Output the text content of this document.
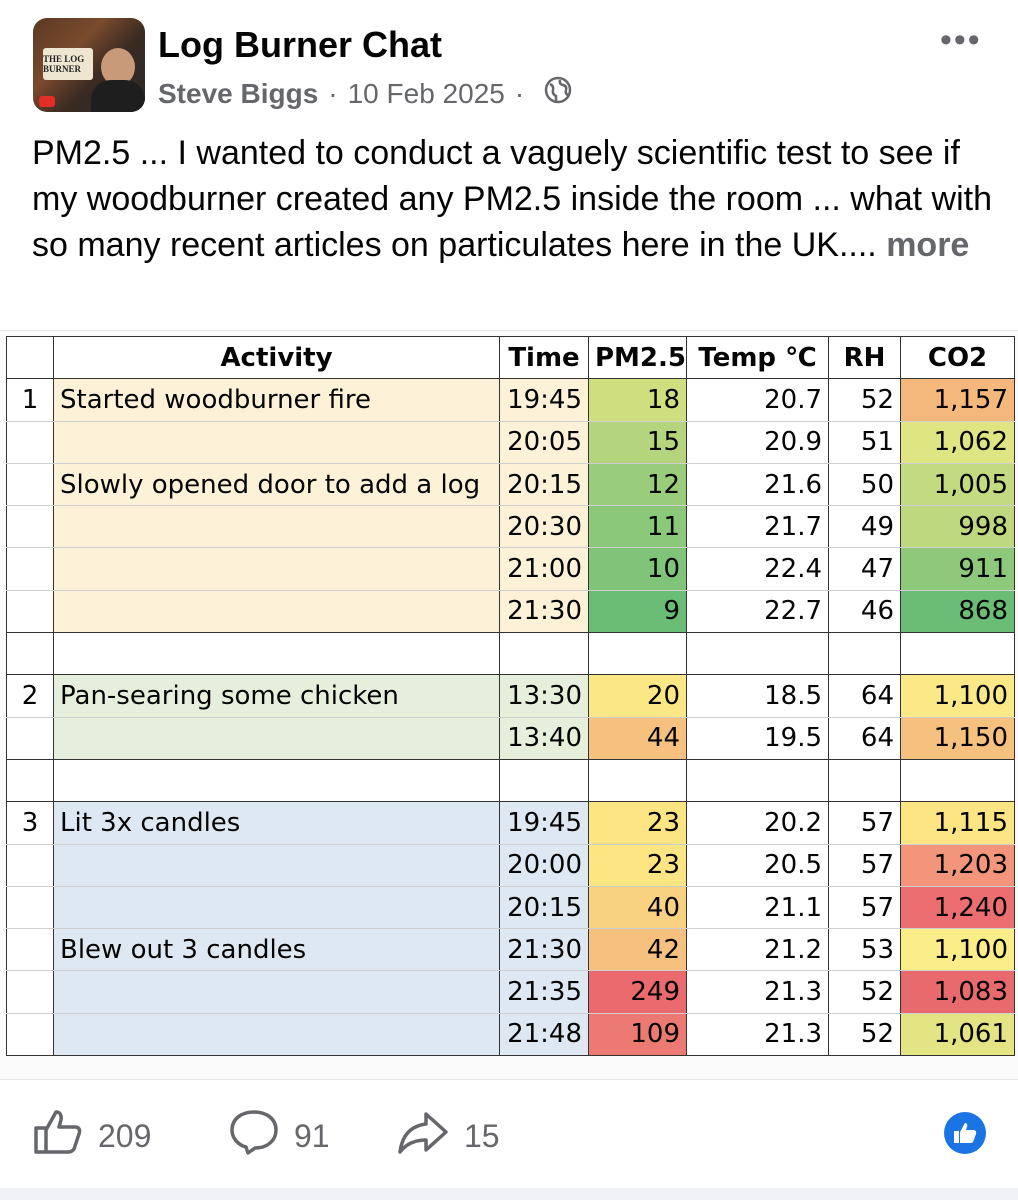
THE LOG BURNER
Log Burner Chat
Steve Biggs · 10 Feb 2025 ·
•••
PM2.5 ... I wanted to conduct a vaguely scientific test to see if my woodburner created any PM2.5 inside the room ... what with so many recent articles on particulates here in the UK.... more
	Activity	Time	PM2.5	Temp ℃	RH	CO2
1	Started woodburner fire	19:45	18	20.7	52	1,157
		20:05	15	20.9	51	1,062
	Slowly opened door to add a log	20:15	12	21.6	50	1,005
		20:30	11	21.7	49	998
		21:00	10	22.4	47	911
		21:30	9	22.7	46	868

2	Pan-searing some chicken	13:30	20	18.5	64	1,100
		13:40	44	19.5	64	1,150

3	Lit 3x candles	19:45	23	20.2	57	1,115
		20:00	23	20.5	57	1,203
		20:15	40	21.1	57	1,240
	Blew out 3 candles	21:30	42	21.2	53	1,100
		21:35	249	21.3	52	1,083
		21:48	109	21.3	52	1,061
209	91	15
